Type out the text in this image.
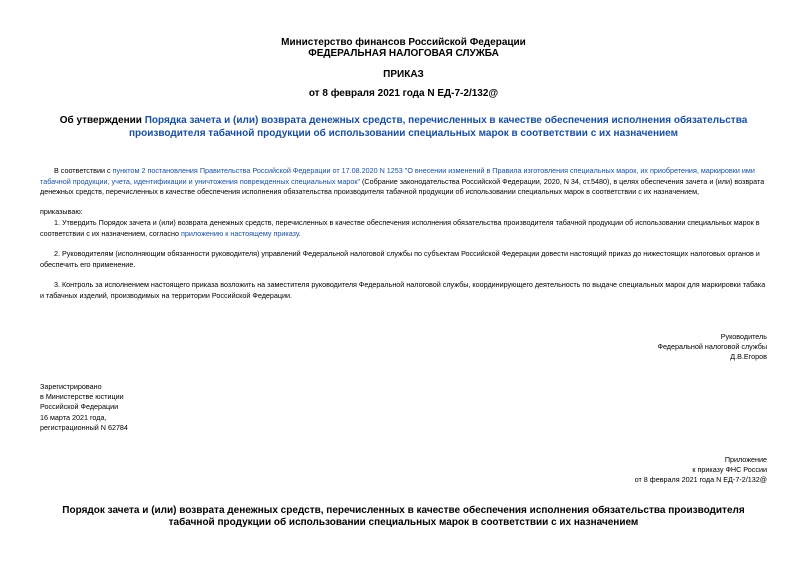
Министерство финансов Российской Федерации
ФЕДЕРАЛЬНАЯ НАЛОГОВАЯ СЛУЖБА
ПРИКАЗ
от 8 февраля 2021 года N ЕД-7-2/132@
Об утверждении Порядка зачета и (или) возврата денежных средств, перечисленных в качестве обеспечения исполнения обязательства производителя табачной продукции об использовании специальных марок в соответствии с их назначением
В соответствии с пунктом 2 постановления Правительства Российской Федерации от 17.08.2020 N 1253 "О внесении изменений в Правила изготовления специальных марок, их приобретения, маркировки ими табачной продукции, учета, идентификации и уничтожения поврежденных специальных марок" (Собрание законодательства Российской Федерации, 2020, N 34, ст.5480), в целях обеспечения зачета и (или) возврата денежных средств, перечисленных в качестве обеспечения исполнения обязательства производителя табачной продукции об использовании специальных марок в соответствии с их назначением,
приказываю:
1. Утвердить Порядок зачета и (или) возврата денежных средств, перечисленных в качестве обеспечения исполнения обязательства производителя табачной продукции об использовании специальных марок в соответствии с их назначением, согласно приложению к настоящему приказу.
2. Руководителям (исполняющим обязанности руководителя) управлений Федеральной налоговой службы по субъектам Российской Федерации довести настоящий приказ до нижестоящих налоговых органов и обеспечить его применение.
3. Контроль за исполнением настоящего приказа возложить на заместителя руководителя Федеральной налоговой службы, координирующего деятельность по выдаче специальных марок для маркировки табака и табачных изделий, производимых на территории Российской Федерации.
Руководитель
Федеральной налоговой службы
Д.В.Егоров
Зарегистрировано
в Министерстве юстиции
Российской Федерации
16 марта 2021 года,
регистрационный N 62784
Приложение
к приказу ФНС России
от 8 февраля 2021 года N ЕД-7-2/132@
Порядок зачета и (или) возврата денежных средств, перечисленных в качестве обеспечения исполнения обязательства производителя табачной продукции об использовании специальных марок в соответствии с их назначением
